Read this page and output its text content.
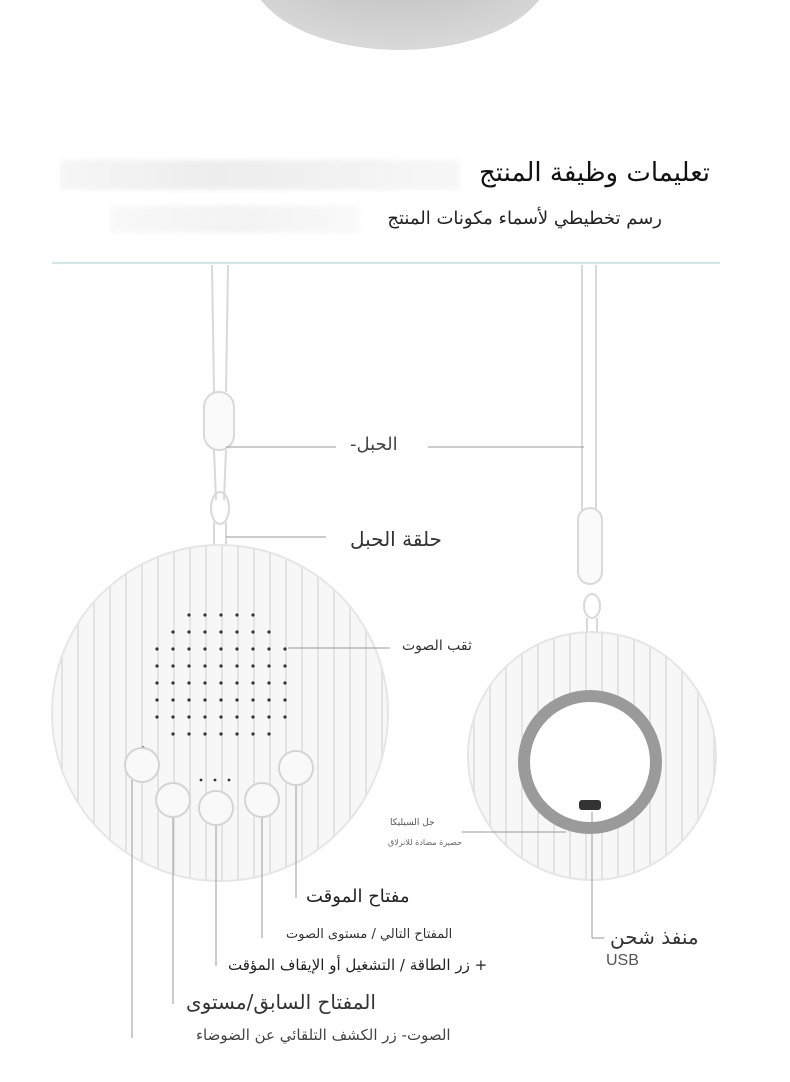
تعليمات وظيفة المنتج
رسم تخطيطي لأسماء مكونات المنتج
الحبل-
حلقة الحبل
ثقب الصوت
جل السيليكا
حصيرة مضادة للانزلاق
مفتاح الموقت
المفتاح التالي / مستوى الصوت
+ زر الطاقة / التشغيل أو الإيقاف المؤقت
المفتاح السابق/مستوى
الصوت- زر الكشف التلقائي عن الضوضاء
منفذ شحن
USB
